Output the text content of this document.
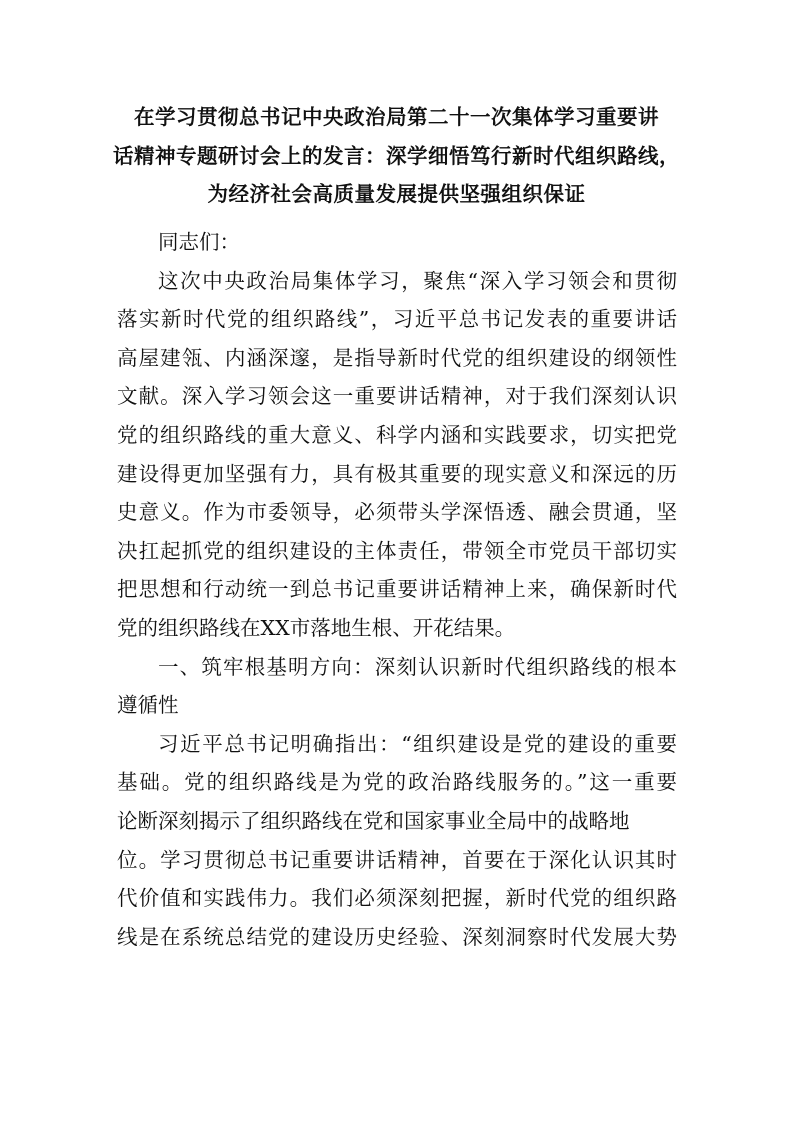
在学习贯彻总书记中央政治局第二十一次集体学习重要讲
话精神专题研讨会上的发言：深学细悟笃行新时代组织路线，
为经济社会高质量发展提供坚强组织保证
同志们：
这次中央政治局集体学习，聚焦“深入学习领会和贯彻
落实新时代党的组织路线”，习近平总书记发表的重要讲话
高屋建瓴、内涵深邃，是指导新时代党的组织建设的纲领性
文献。深入学习领会这一重要讲话精神，对于我们深刻认识
党的组织路线的重大意义、科学内涵和实践要求，切实把党
建设得更加坚强有力，具有极其重要的现实意义和深远的历
史意义。作为市委领导，必须带头学深悟透、融会贯通，坚
决扛起抓党的组织建设的主体责任，带领全市党员干部切实
把思想和行动统一到总书记重要讲话精神上来，确保新时代
党的组织路线在XX市落地生根、开花结果。
一、筑牢根基明方向：深刻认识新时代组织路线的根本
遵循性
习近平总书记明确指出：“组织建设是党的建设的重要
基础。党的组织路线是为党的政治路线服务的。”这一重要
论断深刻揭示了组织路线在党和国家事业全局中的战略地
位。学习贯彻总书记重要讲话精神，首要在于深化认识其时
代价值和实践伟力。我们必须深刻把握，新时代党的组织路
线是在系统总结党的建设历史经验、深刻洞察时代发展大势
